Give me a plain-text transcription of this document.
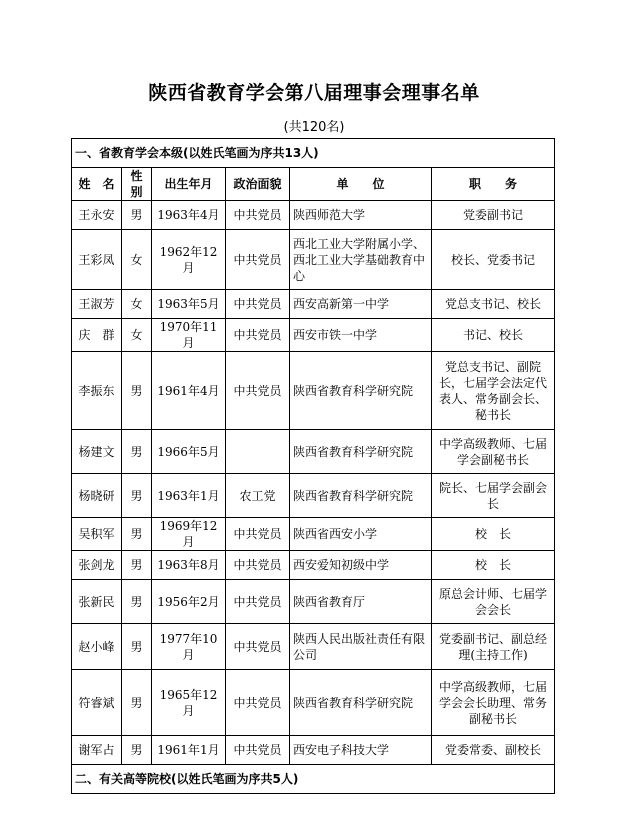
陕西省教育学会第八届理事会理事名单
(共120名)
一、省教育学会本级(以姓氏笔画为序共13人)					
姓　名	性别	出生年月	政治面貌	单　　位	职　　务
王永安	男	1963年4月	中共党员	陕西师范大学	党委副书记
王彩凤	女	1962年12月	中共党员	西北工业大学附属小学、西北工业大学基础教育中心	校长、党委书记
王淑芳	女	1963年5月	中共党员	西安高新第一中学	党总支书记、校长
庆　群	女	1970年11月	中共党员	西安市铁一中学	书记、校长
李振东	男	1961年4月	中共党员	陕西省教育科学研究院	党总支书记、副院长，七届学会法定代表人、常务副会长、秘书长
杨建文	男	1966年5月		陕西省教育科学研究院	中学高级教师、七届学会副秘书长
杨晓研	男	1963年1月	农工党	陕西省教育科学研究院	院长、七届学会副会长
吴积军	男	1969年12月	中共党员	陕西省西安小学	校　长
张剑龙	男	1963年8月	中共党员	西安爱知初级中学	校　长
张新民	男	1956年2月	中共党员	陕西省教育厅	原总会计师、七届学会会长
赵小峰	男	1977年10月	中共党员	陕西人民出版社责任有限公司	党委副书记、副总经理(主持工作)
符睿斌	男	1965年12月	中共党员	陕西省教育科学研究院	中学高级教师，七届学会会长助理、常务副秘书长
谢军占	男	1961年1月	中共党员	西安电子科技大学	党委常委、副校长
二、有关高等院校(以姓氏笔画为序共5人)					
